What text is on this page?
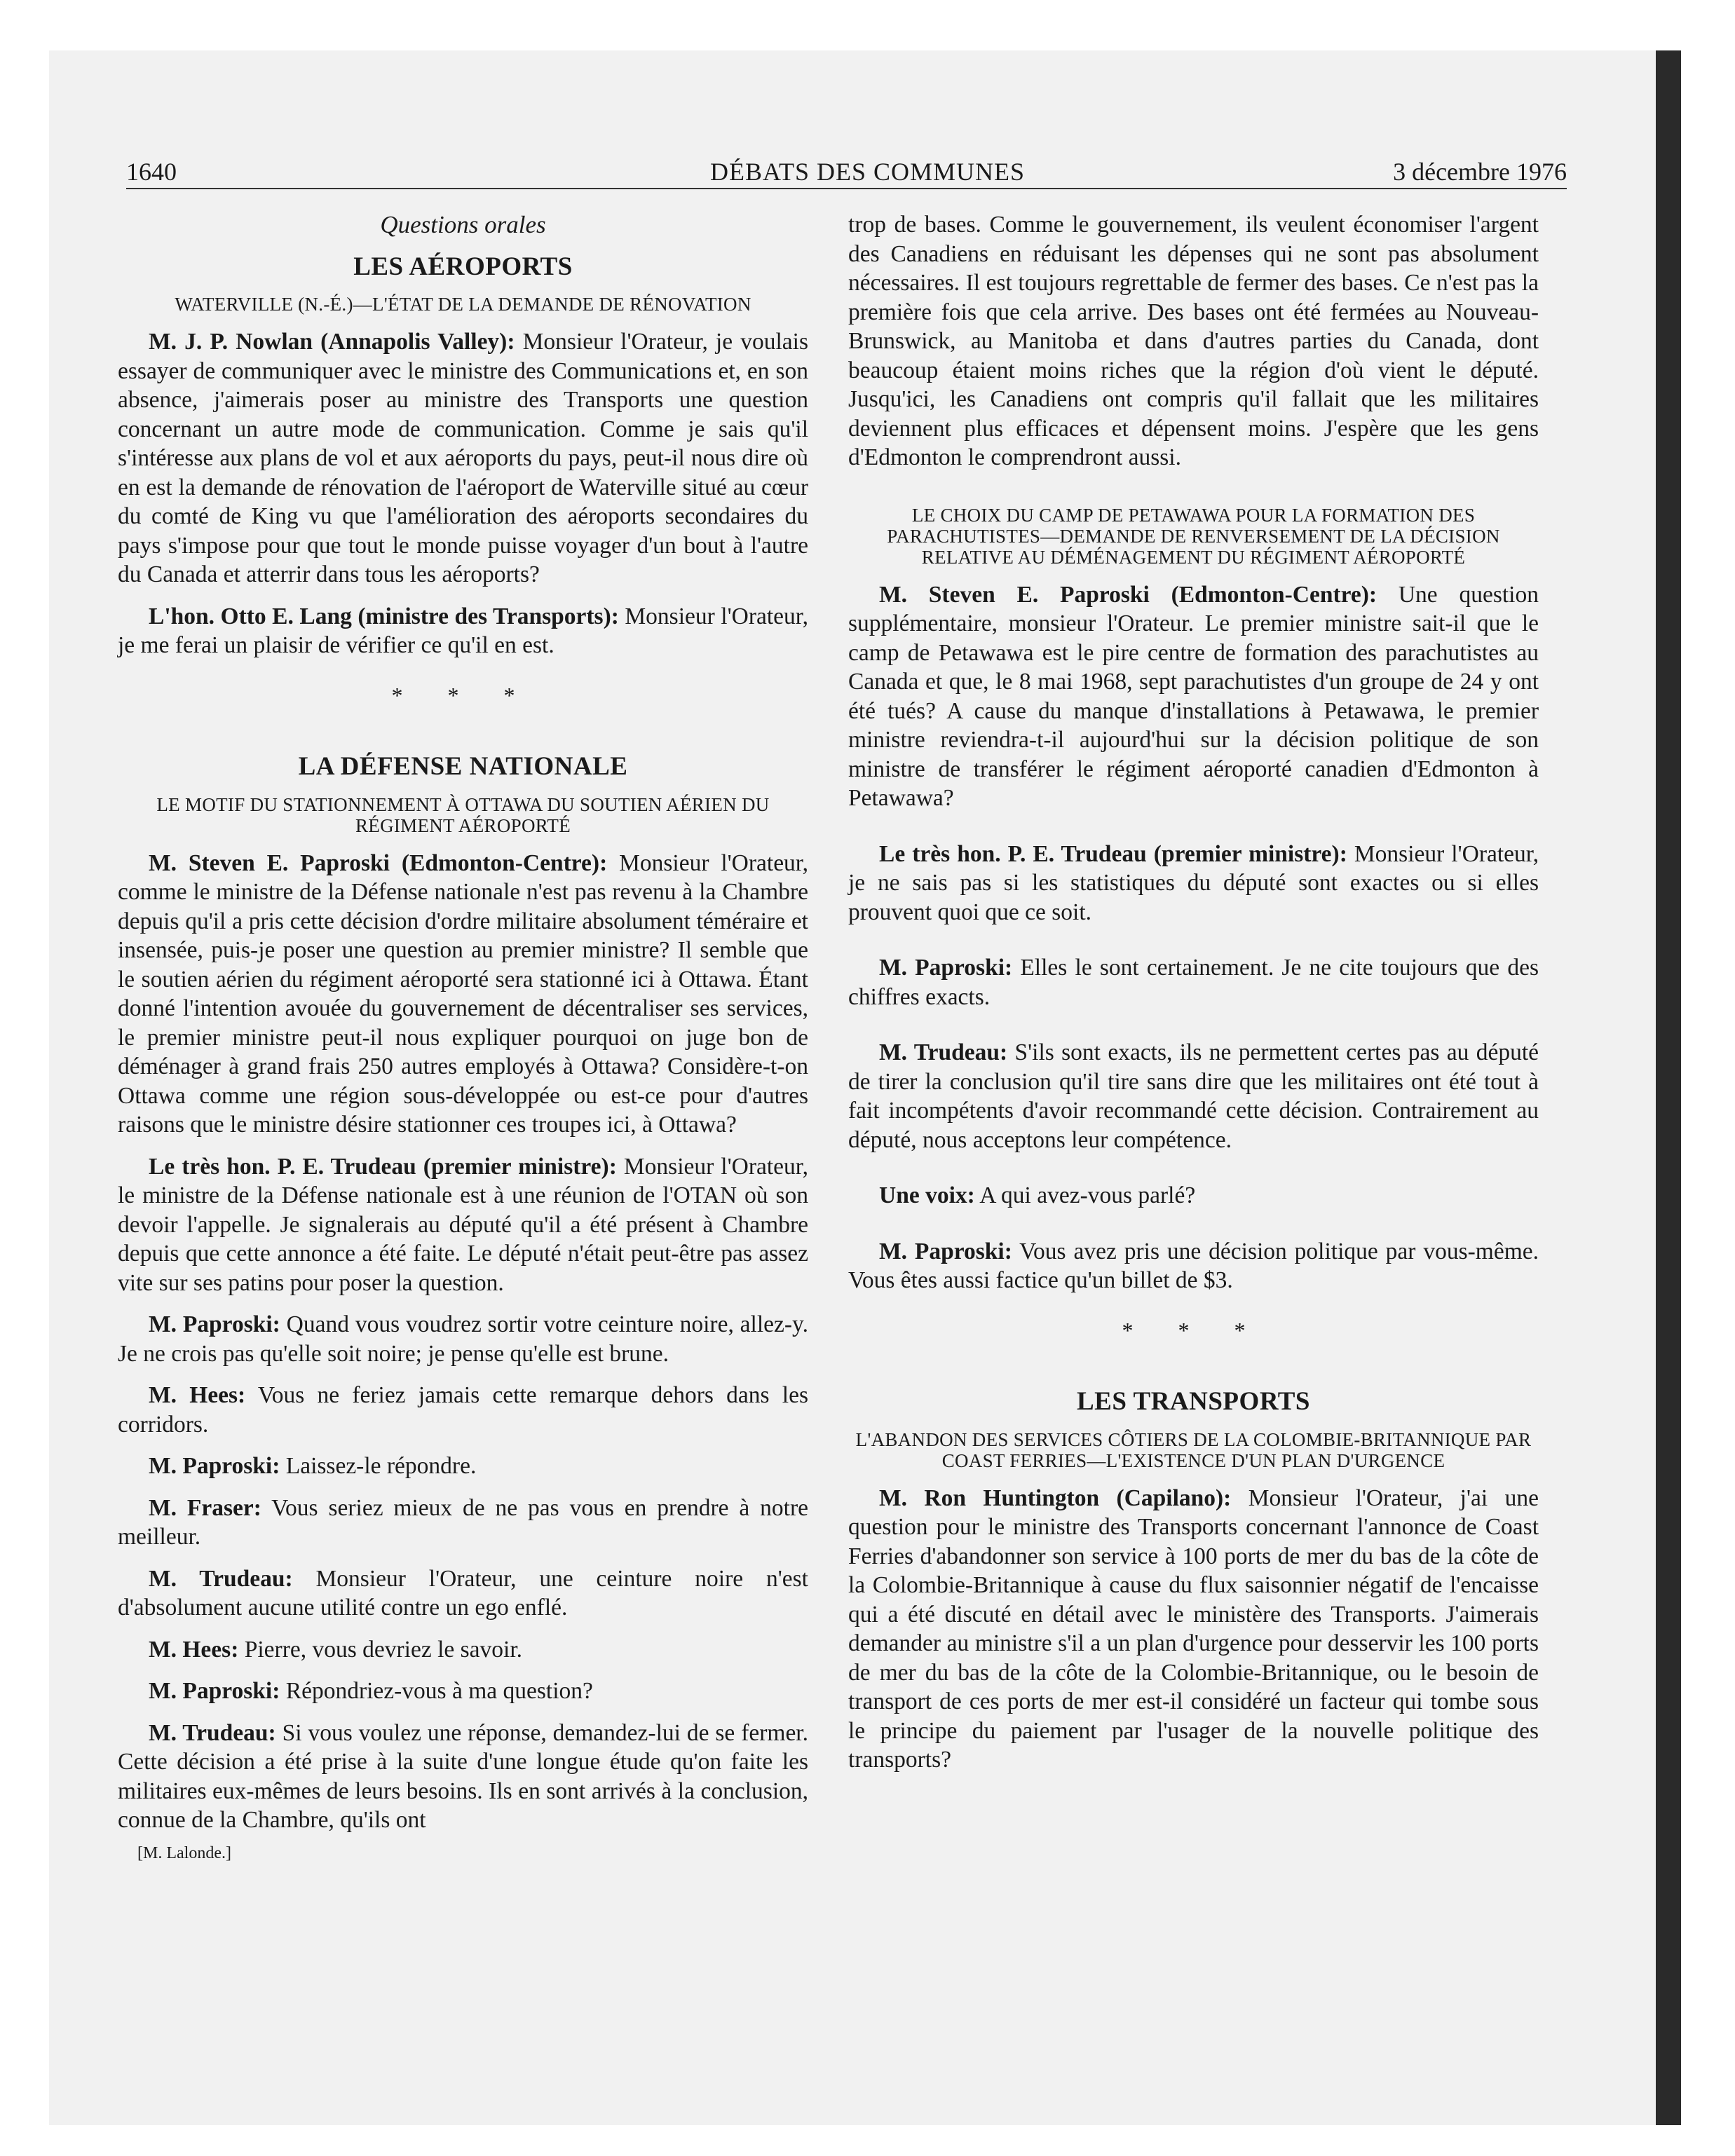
1640	DÉBATS DES COMMUNES	3 décembre 1976

Questions orales

LES AÉROPORTS

WATERVILLE (N.-É.)—L'ÉTAT DE LA DEMANDE DE RÉNOVATION

M. J. P. Nowlan (Annapolis Valley): Monsieur l'Orateur, je voulais essayer de communiquer avec le ministre des Communications et, en son absence, j'aimerais poser au ministre des Transports une question concernant un autre mode de communication. Comme je sais qu'il s'intéresse aux plans de vol et aux aéroports du pays, peut-il nous dire où en est la demande de rénovation de l'aéroport de Waterville situé au cœur du comté de King vu que l'amélioration des aéroports secondaires du pays s'impose pour que tout le monde puisse voyager d'un bout à l'autre du Canada et atterrir dans tous les aéroports?

L'hon. Otto E. Lang (ministre des Transports): Monsieur l'Orateur, je me ferai un plaisir de vérifier ce qu'il en est.

* * *

LA DÉFENSE NATIONALE

LE MOTIF DU STATIONNEMENT À OTTAWA DU SOUTIEN AÉRIEN DU RÉGIMENT AÉROPORTÉ

M. Steven E. Paproski (Edmonton-Centre): Monsieur l'Orateur, comme le ministre de la Défense nationale n'est pas revenu à la Chambre depuis qu'il a pris cette décision d'ordre militaire absolument téméraire et insensée, puis-je poser une question au premier ministre? Il semble que le soutien aérien du régiment aéroporté sera stationné ici à Ottawa. Étant donné l'intention avouée du gouvernement de décentraliser ses services, le premier ministre peut-il nous expliquer pourquoi on juge bon de déménager à grand frais 250 autres employés à Ottawa? Considère-t-on Ottawa comme une région sous-développée ou est-ce pour d'autres raisons que le ministre désire stationner ces troupes ici, à Ottawa?

Le très hon. P. E. Trudeau (premier ministre): Monsieur l'Orateur, le ministre de la Défense nationale est à une réunion de l'OTAN où son devoir l'appelle. Je signalerais au député qu'il a été présent à Chambre depuis que cette annonce a été faite. Le député n'était peut-être pas assez vite sur ses patins pour poser la question.

M. Paproski: Quand vous voudrez sortir votre ceinture noire, allez-y. Je ne crois pas qu'elle soit noire; je pense qu'elle est brune.

M. Hees: Vous ne feriez jamais cette remarque dehors dans les corridors.

M. Paproski: Laissez-le répondre.

M. Fraser: Vous seriez mieux de ne pas vous en prendre à notre meilleur.

M. Trudeau: Monsieur l'Orateur, une ceinture noire n'est d'absolument aucune utilité contre un ego enflé.

M. Hees: Pierre, vous devriez le savoir.

M. Paproski: Répondriez-vous à ma question?

M. Trudeau: Si vous voulez une réponse, demandez-lui de se fermer. Cette décision a été prise à la suite d'une longue étude qu'on faite les militaires eux-mêmes de leurs besoins. Ils en sont arrivés à la conclusion, connue de la Chambre, qu'ils ont

[M. Lalonde.]

trop de bases. Comme le gouvernement, ils veulent économiser l'argent des Canadiens en réduisant les dépenses qui ne sont pas absolument nécessaires. Il est toujours regrettable de fermer des bases. Ce n'est pas la première fois que cela arrive. Des bases ont été fermées au Nouveau-Brunswick, au Manitoba et dans d'autres parties du Canada, dont beaucoup étaient moins riches que la région d'où vient le député. Jusqu'ici, les Canadiens ont compris qu'il fallait que les militaires deviennent plus efficaces et dépensent moins. J'espère que les gens d'Edmonton le comprendront aussi.

LE CHOIX DU CAMP DE PETAWAWA POUR LA FORMATION DES PARACHUTISTES—DEMANDE DE RENVERSEMENT DE LA DÉCISION RELATIVE AU DÉMÉNAGEMENT DU RÉGIMENT AÉROPORTÉ

M. Steven E. Paproski (Edmonton-Centre): Une question supplémentaire, monsieur l'Orateur. Le premier ministre sait-il que le camp de Petawawa est le pire centre de formation des parachutistes au Canada et que, le 8 mai 1968, sept parachutistes d'un groupe de 24 y ont été tués? A cause du manque d'installations à Petawawa, le premier ministre reviendra-t-il aujourd'hui sur la décision politique de son ministre de transférer le régiment aéroporté canadien d'Edmonton à Petawawa?

Le très hon. P. E. Trudeau (premier ministre): Monsieur l'Orateur, je ne sais pas si les statistiques du député sont exactes ou si elles prouvent quoi que ce soit.

M. Paproski: Elles le sont certainement. Je ne cite toujours que des chiffres exacts.

M. Trudeau: S'ils sont exacts, ils ne permettent certes pas au député de tirer la conclusion qu'il tire sans dire que les militaires ont été tout à fait incompétents d'avoir recommandé cette décision. Contrairement au député, nous acceptons leur compétence.

Une voix: A qui avez-vous parlé?

M. Paproski: Vous avez pris une décision politique par vous-même. Vous êtes aussi factice qu'un billet de $3.

* * *

LES TRANSPORTS

L'ABANDON DES SERVICES CÔTIERS DE LA COLOMBIE-BRITANNIQUE PAR COAST FERRIES—L'EXISTENCE D'UN PLAN D'URGENCE

M. Ron Huntington (Capilano): Monsieur l'Orateur, j'ai une question pour le ministre des Transports concernant l'annonce de Coast Ferries d'abandonner son service à 100 ports de mer du bas de la côte de la Colombie-Britannique à cause du flux saisonnier négatif de l'encaisse qui a été discuté en détail avec le ministère des Transports. J'aimerais demander au ministre s'il a un plan d'urgence pour desservir les 100 ports de mer du bas de la côte de la Colombie-Britannique, ou le besoin de transport de ces ports de mer est-il considéré un facteur qui tombe sous le principe du paiement par l'usager de la nouvelle politique des transports?
